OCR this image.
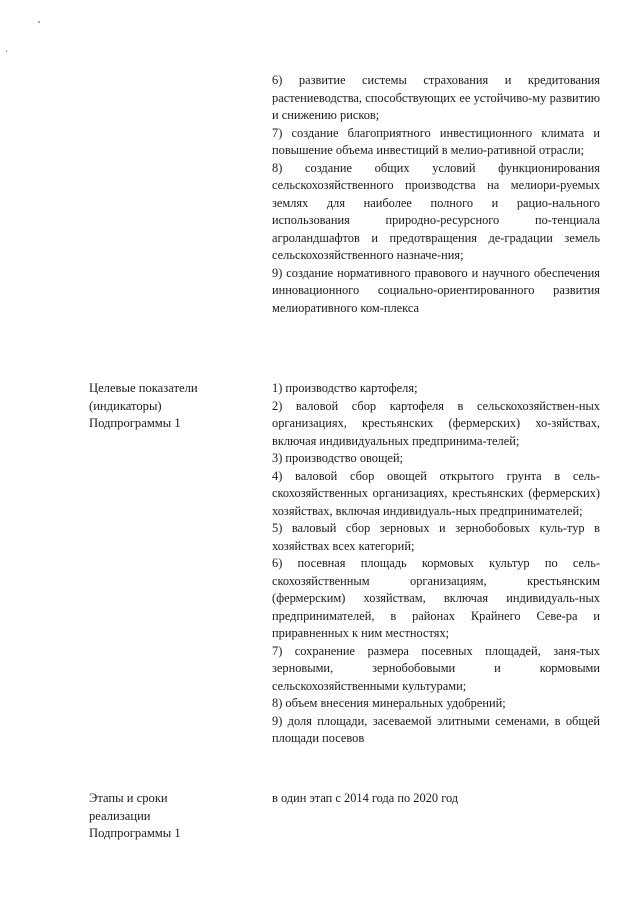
6) развитие системы страхования и кредитования растениеводства, способствующих ее устойчиво-му развитию и снижению рисков;
7) создание благоприятного инвестиционного климата и повышение объема инвестиций в мелио-ративной отрасли;
8) создание общих условий функционирования сельскохозяйственного производства на мелиори-руемых землях для наиболее полного и рацио-нального использования природно-ресурсного по-тенциала агроландшафтов и предотвращения де-градации земель сельскохозяйственного назначе-ния;
9) создание нормативного правового и научного обеспечения инновационного социально-ориентированного развития мелиоративного ком-плекса
Целевые показатели
(индикаторы)
Подпрограммы 1
1) производство картофеля;
2) валовой сбор картофеля в сельскохозяйствен-ных организациях, крестьянских (фермерских) хо-зяйствах, включая индивидуальных предпринима-телей;
3) производство овощей;
4) валовой сбор овощей открытого грунта в сель-скохозяйственных организациях, крестьянских (фермерских) хозяйствах, включая индивидуаль-ных предпринимателей;
5) валовый сбор зерновых и зернобобовых куль-тур в хозяйствах всех категорий;
6) посевная площадь кормовых культур по сель-скохозяйственным организациям, крестьянским (фермерским) хозяйствам, включая индивидуаль-ных предпринимателей, в районах Крайнего Севе-ра и приравненных к ним местностях;
7) сохранение размера посевных площадей, заня-тых зерновыми, зернобобовыми и кормовыми сельскохозяйственными культурами;
8) объем внесения минеральных удобрений;
9) доля площади, засеваемой элитными семенами, в общей площади посевов
Этапы и сроки
реализации
Подпрограммы 1
в один этап с 2014 года по 2020 год
